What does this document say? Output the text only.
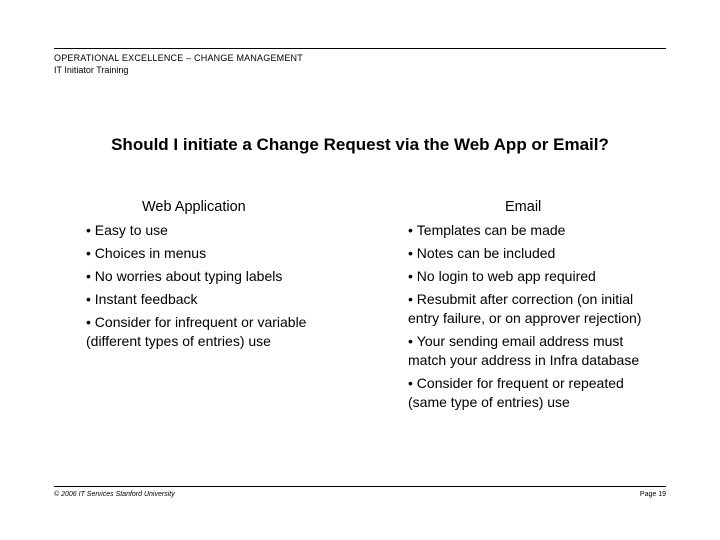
OPERATIONAL EXCELLENCE – CHANGE MANAGEMENT
IT Initiator Training
Should I initiate a Change Request via the Web App or Email?
Web Application
• Easy to use
• Choices in menus
• No worries about typing labels
• Instant feedback
• Consider for infrequent or variable (different types of entries) use
Email
• Templates can be made
• Notes can be included
• No login to web app required
• Resubmit after correction (on initial entry failure, or on approver rejection)
• Your sending email address must match your address in Infra database
• Consider for frequent or repeated (same type of entries) use
© 2006 IT Services Stanford University	Page 19
